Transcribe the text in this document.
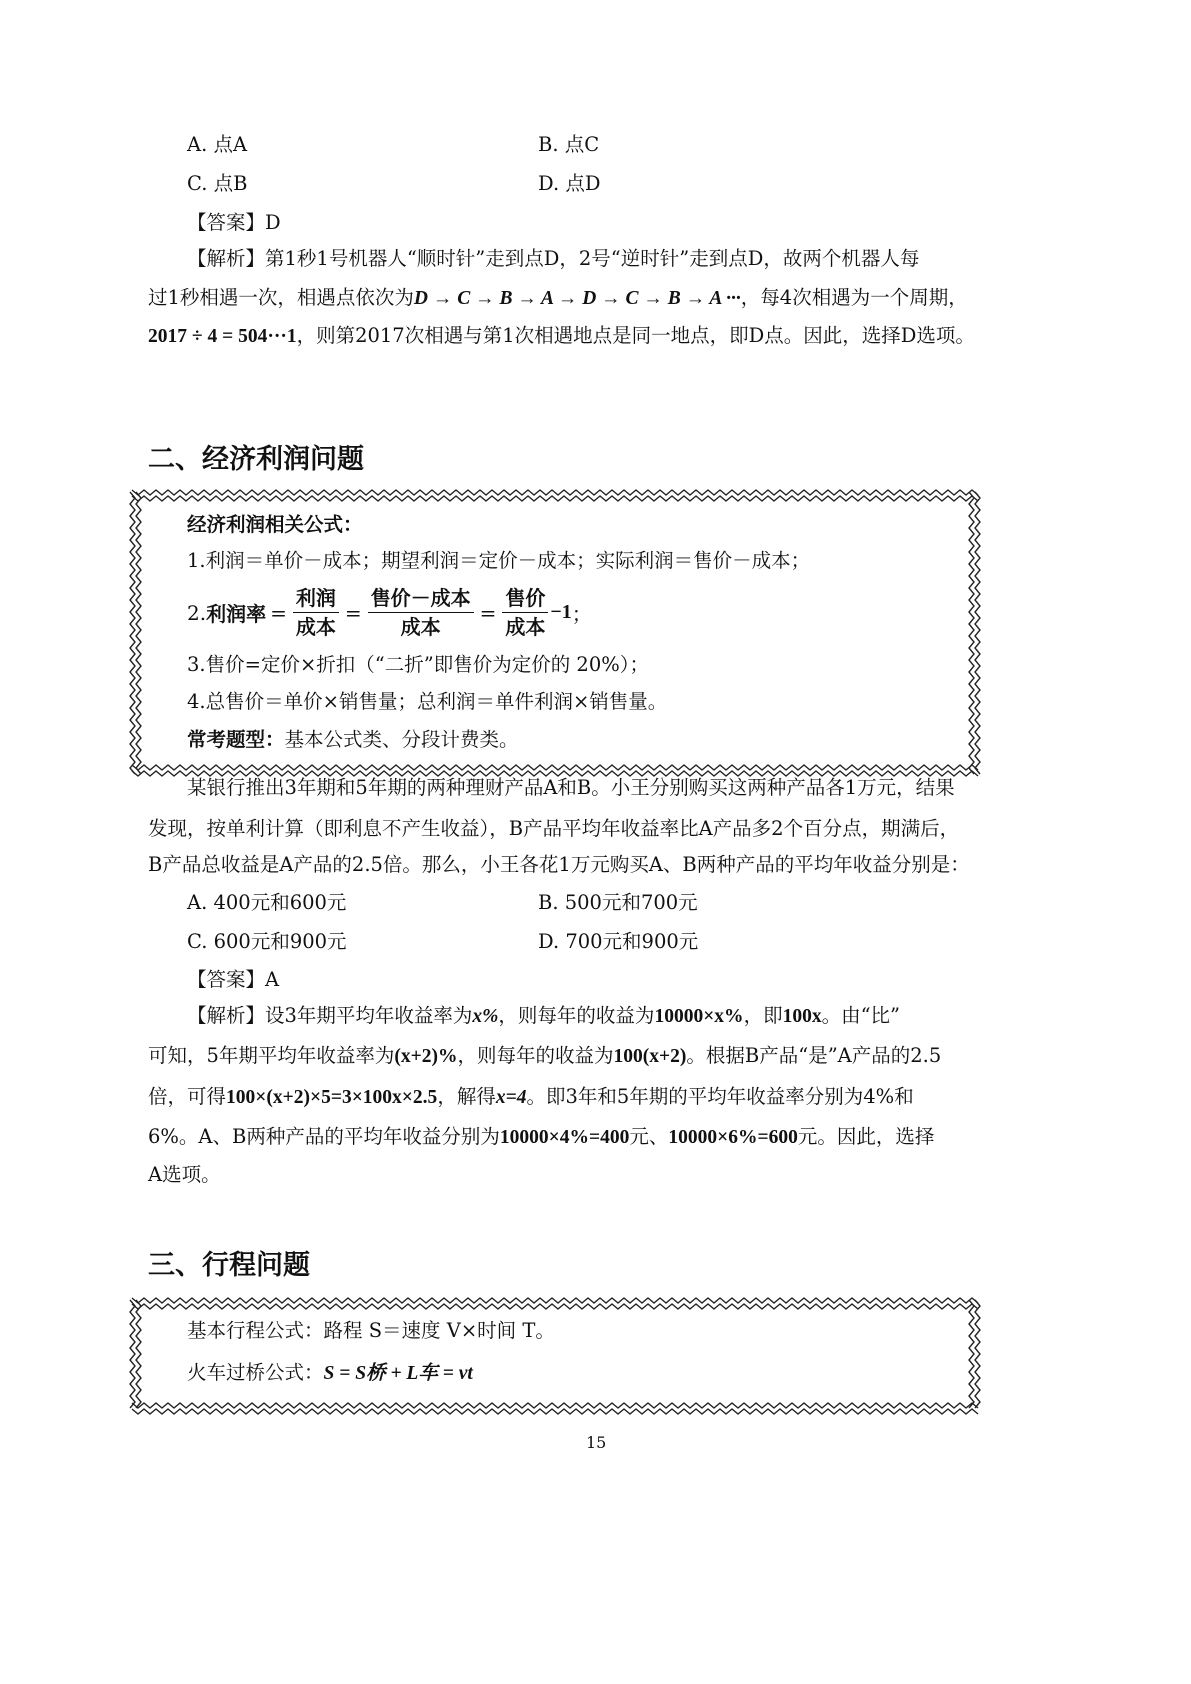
A. 点A	B. 点C
C. 点B	D. 点D
【答案】D
【解析】第1秒1号机器人“顺时针”走到点D，2号“逆时针”走到点D，故两个机器人每
过1秒相遇一次，相遇点依次为D → C → B → A → D → C → B → A ···，每4次相遇为一个周期，
2017 ÷ 4 = 504···1，则第2017次相遇与第1次相遇地点是同一地点，即D点。因此，选择D选项。
二、经济利润问题
经济利润相关公式：
1.利润＝单价－成本；期望利润＝定价－成本；实际利润＝售价－成本；
2. 利润率 = $\frac{\text{利润}}{\text{成本}} = \frac{\text{售价－成本}}{\text{成本}} = \frac{\text{售价}}{\text{成本}} -1$ ；
3.售价=定价×折扣（“二折”即售价为定价的 20%）；
4.总售价＝单价×销售量；总利润＝单件利润×销售量。
常考题型：基本公式类、分段计费类。
某银行推出3年期和5年期的两种理财产品A和B。小王分别购买这两种产品各1万元，结果
发现，按单利计算（即利息不产生收益），B产品平均年收益率比A产品多2个百分点，期满后，
B产品总收益是A产品的2.5倍。那么，小王各花1万元购买A、B两种产品的平均年收益分别是：
A. 400元和600元	B. 500元和700元
C. 600元和900元	D. 700元和900元
【答案】A
【解析】设3年期平均年收益率为x%，则每年的收益为10000×x%，即100x。由“比”
可知，5年期平均年收益率为(x+2)%，则每年的收益为100(x+2)。根据B产品“是”A产品的2.5
倍，可得100×(x+2)×5=3×100x×2.5，解得x=4。即3年和5年期的平均年收益率分别为4%和
6%。A、B两种产品的平均年收益分别为10000×4%=400元、10000×6%=600元。因此，选择
A选项。
三、行程问题
基本行程公式：路程 S＝速度 V×时间 T。
火车过桥公式：S = S桥 + L车 = vt
15
